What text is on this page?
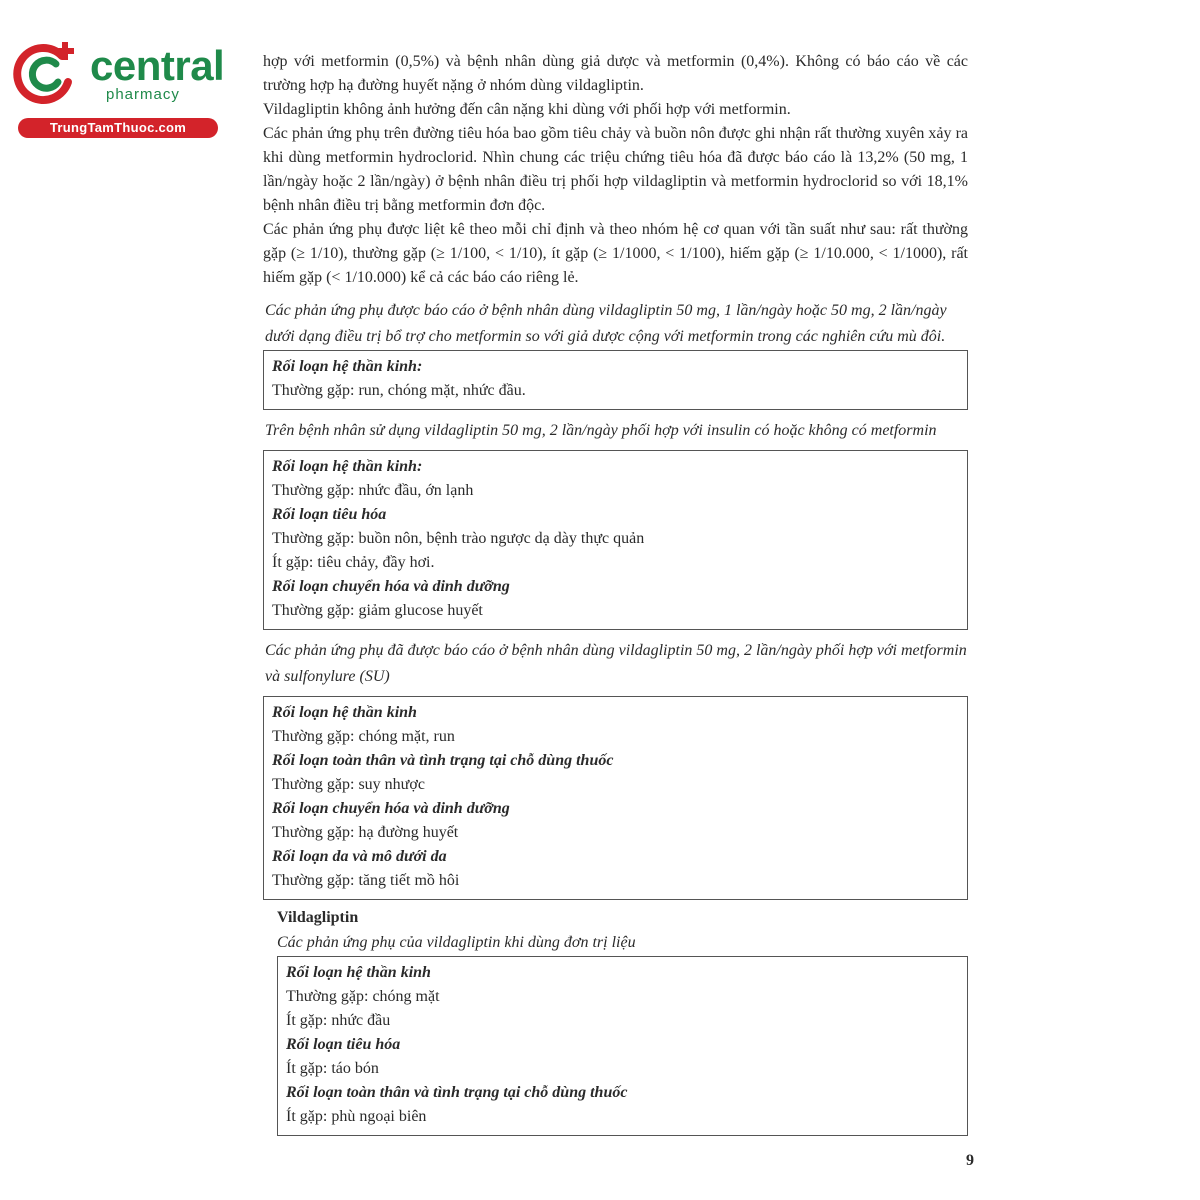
central
pharmacy
TrungTamThuoc.com

hợp với metformin (0,5%) và bệnh nhân dùng giả dược và metformin (0,4%). Không có báo cáo về các trường hợp hạ đường huyết nặng ở nhóm dùng vildagliptin.

Vildagliptin không ảnh hưởng đến cân nặng khi dùng với phối hợp với metformin.

Các phản ứng phụ trên đường tiêu hóa bao gồm tiêu chảy và buồn nôn được ghi nhận rất thường xuyên xảy ra khi dùng metformin hydroclorid. Nhìn chung các triệu chứng tiêu hóa đã được báo cáo là 13,2% (50 mg, 1 lần/ngày hoặc 2 lần/ngày) ở bệnh nhân điều trị phối hợp vildagliptin và metformin hydroclorid so với 18,1% bệnh nhân điều trị bằng metformin đơn độc.

Các phản ứng phụ được liệt kê theo mỗi chỉ định và theo nhóm hệ cơ quan với tần suất như sau: rất thường gặp (≥ 1/10), thường gặp (≥ 1/100, < 1/10), ít gặp (≥ 1/1000, < 1/100), hiếm gặp (≥ 1/10.000, < 1/1000), rất hiếm gặp (< 1/10.000) kể cả các báo cáo riêng lẻ.

Các phản ứng phụ được báo cáo ở bệnh nhân dùng vildagliptin 50 mg, 1 lần/ngày hoặc 50 mg, 2 lần/ngày dưới dạng điều trị bổ trợ cho metformin so với giả dược cộng với metformin trong các nghiên cứu mù đôi.
Rối loạn hệ thần kinh:
Thường gặp: run, chóng mặt, nhức đầu.
Trên bệnh nhân sử dụng vildagliptin 50 mg, 2 lần/ngày phối hợp với insulin có hoặc không có metformin
Rối loạn hệ thần kinh:
Thường gặp: nhức đầu, ớn lạnh
Rối loạn tiêu hóa
Thường gặp: buồn nôn, bệnh trào ngược dạ dày thực quản
Ít gặp: tiêu chảy, đầy hơi.
Rối loạn chuyển hóa và dinh dưỡng
Thường gặp: giảm glucose huyết
Các phản ứng phụ đã được báo cáo ở bệnh nhân dùng vildagliptin 50 mg, 2 lần/ngày phối hợp với metformin và sulfonylure (SU)
Rối loạn hệ thần kinh
Thường gặp: chóng mặt, run
Rối loạn toàn thân và tình trạng tại chỗ dùng thuốc
Thường gặp: suy nhược
Rối loạn chuyển hóa và dinh dưỡng
Thường gặp: hạ đường huyết
Rối loạn da và mô dưới da
Thường gặp: tăng tiết mồ hôi
Vildagliptin
Các phản ứng phụ của vildagliptin khi dùng đơn trị liệu
Rối loạn hệ thần kinh
Thường gặp: chóng mặt
Ít gặp: nhức đầu
Rối loạn tiêu hóa
Ít gặp: táo bón
Rối loạn toàn thân và tình trạng tại chỗ dùng thuốc
Ít gặp: phù ngoại biên
9
